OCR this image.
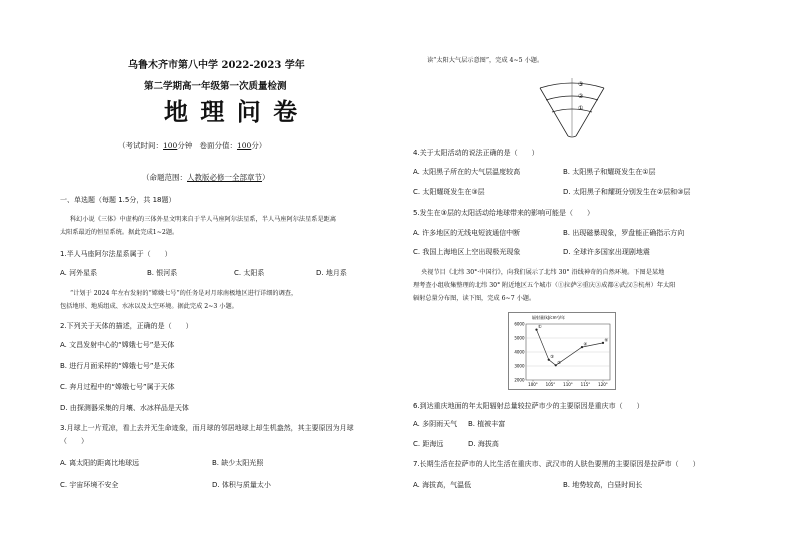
乌鲁木齐市第八中学 2022-2023 学年
第二学期高一年级第一次质量检测
地 理 问 卷
（考试时间：100分钟 卷面分值：100分）
（命题范围：人教版必修一全部章节）
一、单选题（每题 1.5分，共 18题）
科幻小说《三体》中虚构的三体外星文明来自于半人马座阿尔法星系，半人马座阿尔法星系是距离
太阳系最近的恒星系统。据此完成1~2题。
1.半人马座阿尔法星系属于（　　）
A. 河外星系	B. 银河系	C. 太阳系	D. 地月系
“计划于 2024 年左右发射的“嫦娥七号”的任务是对月球南极地区进行详细的调查，
包括地形、地质组成、水冰以及太空环境。据此完成 2~3 小题。
2.下列关于天体的描述，正确的是（　　）
A. 文昌发射中心的“嫦娥七号”是天体
B. 进行月面采样的“嫦娥七号”是天体
C. 奔月过程中的“嫦娥七号”属于天体
D. 由探测器采集的月壤、水冰样品是天体
3.月球上一片荒凉，看上去并无生命迹象，而月球的邻居地球上却生机盎然，其主要原因为月球
（　　）
A. 离太阳的距离比地球远	B. 缺少太阳光照
C. 宇宙环境不安全	D. 体积与质量太小
读“太阳大气层示意图”，完成 4~5 小题。
③
②
①
4.关于太阳活动的说法正确的是（　　）
A. 太阳黑子所在的大气层温度较高	B. 太阳黑子和耀斑发生在①层
C. 太阳耀斑发生在③层	D. 太阳黑子和耀斑分别发生在②层和③层
5.发生在③层的太阳活动给地球带来的影响可能是（　　）
A. 许多地区的无线电短波通信中断	B. 出现磁暴现象，罗盘能正确指示方向
C. 我国上海地区上空出现极光现象	D. 全球许多国家出现剧地震
央视节目《北纬 30°·中国行》，向我们展示了北纬 30° 沿线神奇的自然环境。下图是某地
理考查小组收集整理的北纬 30° 附近地区五个城市（①拉萨②重庆③成都④武汉⑤杭州）年太阳
辐射总量分布图，读下图，完成 6~7 小题。
辐射量(kJ/cm²)/年
6000
5000
4000
3000
2000
100° 105° 110° 115° 120°
①
②
③
④
⑤
6.到达重庆地面的年太阳辐射总量较拉萨市少的主要原因是重庆市（　　）
A. 多阴雨天气 B. 植被丰富
C. 距海远	D. 海拔高
7.长期生活在拉萨市的人比生活在重庆市、武汉市的人肤色要黑的主要原因是拉萨市（　　）
A. 海拔高，气温低	B. 地势较高，白昼时间长
